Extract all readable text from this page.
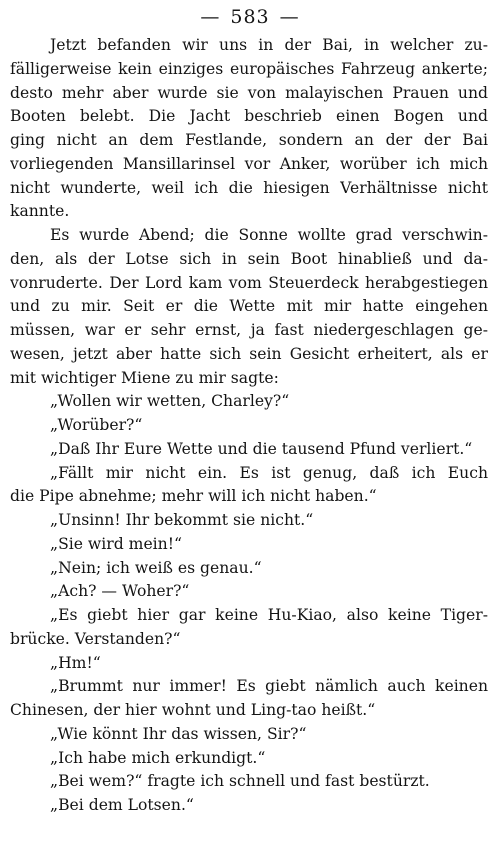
— 583 —
Jetzt befanden wir uns in der Bai, in welcher zu-
fälligerweise kein einziges europäisches Fahrzeug ankerte;
desto mehr aber wurde sie von malayischen Prauen und
Booten belebt. Die Jacht beschrieb einen Bogen und
ging nicht an dem Festlande, sondern an der der Bai
vorliegenden Mansillarinsel vor Anker, worüber ich mich
nicht wunderte, weil ich die hiesigen Verhältnisse nicht
kannte.
Es wurde Abend; die Sonne wollte grad verschwin-
den, als der Lotse sich in sein Boot hinabließ und da-
vonruderte. Der Lord kam vom Steuerdeck herabgestiegen
und zu mir. Seit er die Wette mit mir hatte eingehen
müssen, war er sehr ernst, ja fast niedergeschlagen ge-
wesen, jetzt aber hatte sich sein Gesicht erheitert, als er
mit wichtiger Miene zu mir sagte:
„Wollen wir wetten, Charley?“
„Worüber?“
„Daß Ihr Eure Wette und die tausend Pfund verliert.“
„Fällt mir nicht ein. Es ist genug, daß ich Euch
die Pipe abnehme; mehr will ich nicht haben.“
„Unsinn! Ihr bekommt sie nicht.“
„Sie wird mein!“
„Nein; ich weiß es genau.“
„Ach? — Woher?“
„Es giebt hier gar keine Hu-Kiao, also keine Tiger-
brücke. Verstanden?“
„Hm!“
„Brummt nur immer! Es giebt nämlich auch keinen
Chinesen, der hier wohnt und Ling-tao heißt.“
„Wie könnt Ihr das wissen, Sir?“
„Ich habe mich erkundigt.“
„Bei wem?“ fragte ich schnell und fast bestürzt.
„Bei dem Lotsen.“
